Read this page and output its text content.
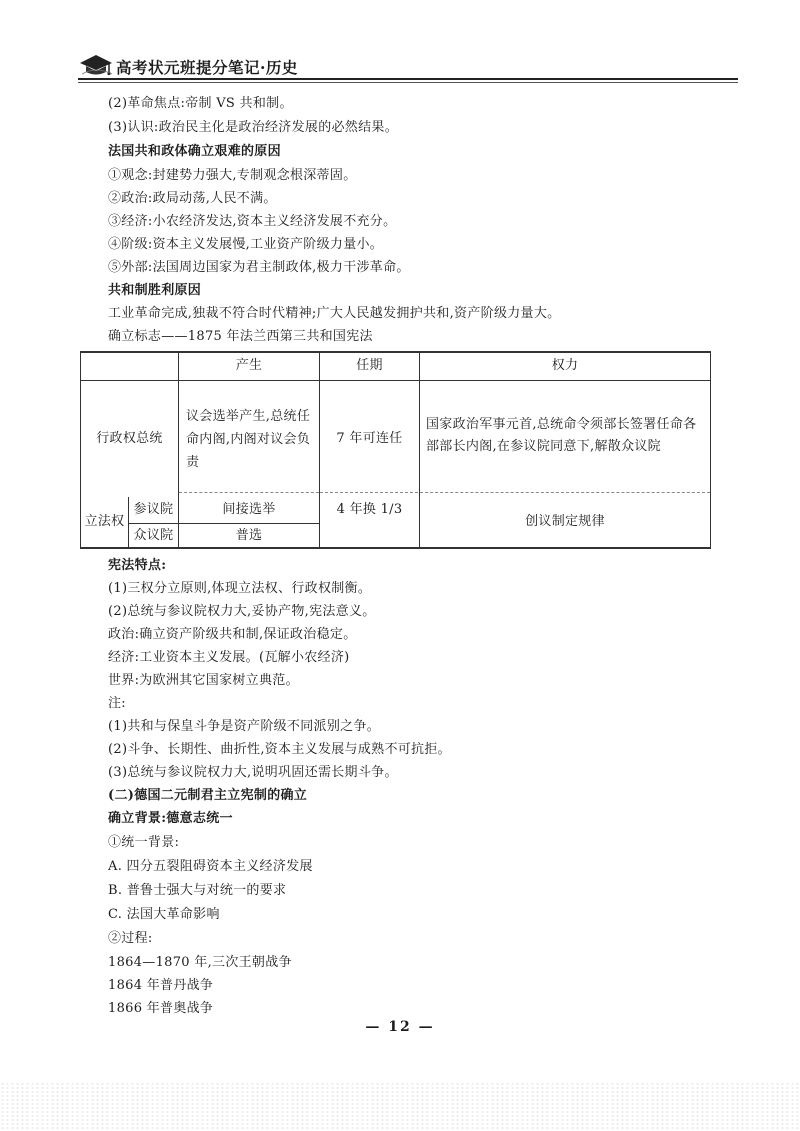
高考状元班提分笔记·历史
(2)革命焦点:帝制 VS 共和制。
(3)认识:政治民主化是政治经济发展的必然结果。
法国共和政体确立艰难的原因
①观念:封建势力强大,专制观念根深蒂固。
②政治:政局动荡,人民不满。
③经济:小农经济发达,资本主义经济发展不充分。
④阶级:资本主义发展慢,工业资产阶级力量小。
⑤外部:法国周边国家为君主制政体,极力干涉革命。
共和制胜利原因
工业革命完成,独裁不符合时代精神;广大人民越发拥护共和,资产阶级力量大。
确立标志——1875 年法兰西第三共和国宪法
产生	任期	权力
行政权总统
议会选举产生,总统任命内阁,内阁对议会负责
7 年可连任
国家政治军事元首,总统命令须部长签署任命各部部长内阁,在参议院同意下,解散众议院
立法权
参议院
众议院
间接选举
普选
4 年换 1/3
创议制定规律
宪法特点:
(1)三权分立原则,体现立法权、行政权制衡。
(2)总统与参议院权力大,妥协产物,宪法意义。
政治:确立资产阶级共和制,保证政治稳定。
经济:工业资本主义发展。(瓦解小农经济)
世界:为欧洲其它国家树立典范。
注:
(1)共和与保皇斗争是资产阶级不同派别之争。
(2)斗争、长期性、曲折性,资本主义发展与成熟不可抗拒。
(3)总统与参议院权力大,说明巩固还需长期斗争。
(二)德国二元制君主立宪制的确立
确立背景:德意志统一
①统一背景:
A. 四分五裂阻碍资本主义经济发展
B. 普鲁士强大与对统一的要求
C. 法国大革命影响
②过程:
1864—1870 年,三次王朝战争
1864 年普丹战争
1866 年普奥战争
— 12 —
